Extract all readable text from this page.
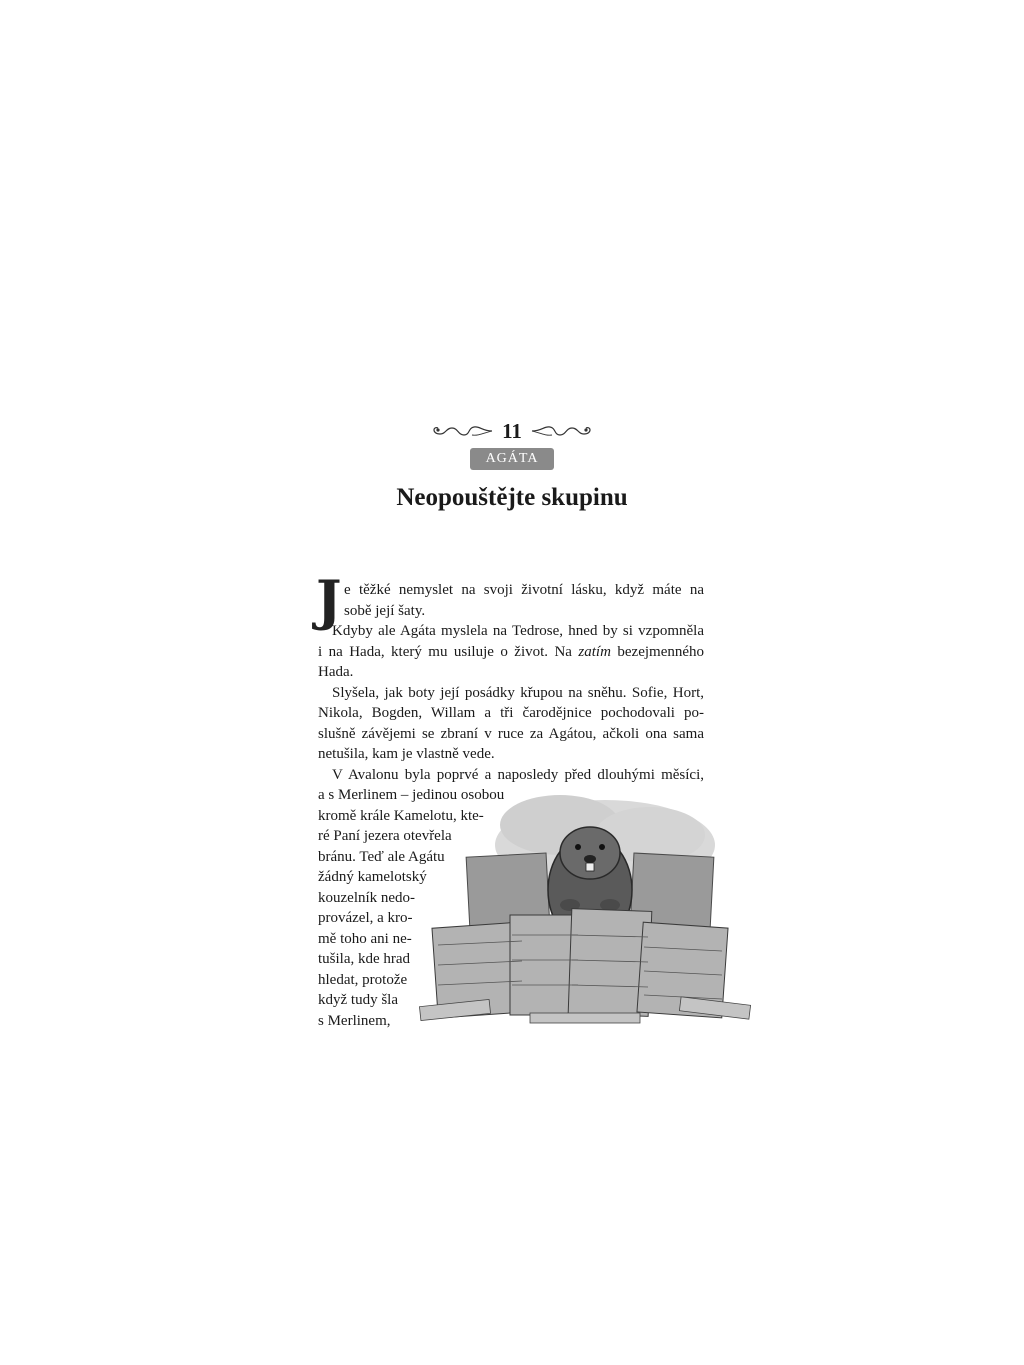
11
AGÁTA
Neopouštějte skupinu
J e těžké nemyslet na svoji životní lásku, když máte na
sobě její šaty.
Kdyby ale Agáta myslela na Tedrose, hned by si vzpomněla
i na Hada, který mu usiluje o život. Na zatím bezejmenného
Hada.
Slyšela, jak boty její posádky křupou na sněhu. Sofie, Hort,
Nikola, Bogden, Willam a tři čarodějnice pochodovali po-
slušně závějemi se zbraní v ruce za Agátou, ačkoli ona sama
netušila, kam je vlastně vede.
V Avalonu byla poprvé a naposledy před dlouhými měsíci,
a s Merlinem – jedinou osobou
kromě krále Kamelotu, kte-
ré Paní jezera otevřela
bránu. Teď ale Agátu
žádný kamelotský
kouzelník nedo-
provázel, a kro-
mě toho ani ne-
tušila, kde hrad
hledat, protože
když tudy šla
s Merlinem,
